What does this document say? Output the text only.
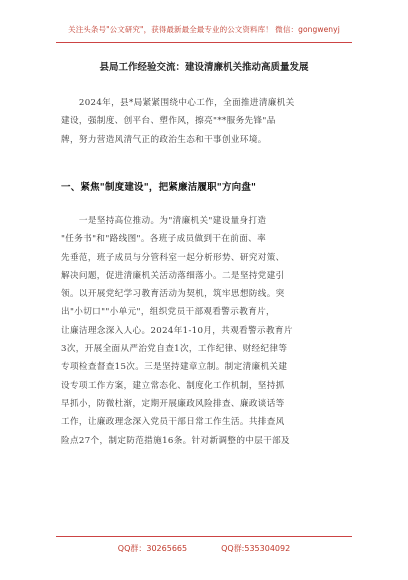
关注头条号"公文研究"，获得最新最全最专业的公文资料库！ 微信：gongwenyj
县局工作经验交流：建设清廉机关推动高质量发展
　　2024年，县*局紧紧围绕中心工作，全面推进清廉机关
建设，强制度、创平台、塑作风，擦亮"**服务先锋"品
牌，努力营造风清气正的政治生态和干事创业环境。
一、紧焦"制度建设"，把紧廉洁履职"方向盘"
　　一是坚持高位推动。为"清廉机关"建设量身打造
"任务书"和"路线图"。各班子成员做到干在前面、率
先垂范，班子成员与分管科室一起分析形势、研究对策、
解决问题，促进清廉机关活动落细落小。二是坚持党建引
领。以开展党纪学习教育活动为契机，筑牢思想防线。突
出"小切口""小单元"，组织党员干部观看警示教育片，
让廉洁理念深入人心。2024年1-10月，共观看警示教育片
3次，开展全面从严治党自查1次，工作纪律、财经纪律等
专项检查督查15次。三是坚持建章立制。制定清廉机关建
设专项工作方案，建立常态化、制度化工作机制，坚持抓
早抓小，防微杜渐，定期开展廉政风险排查、廉政谈话等
工作，让廉政理念深入党员干部日常工作生活。共排查风
险点27个，制定防范措施16条。针对新调整的中层干部及
QQ群：30265665	QQ群:535304092
